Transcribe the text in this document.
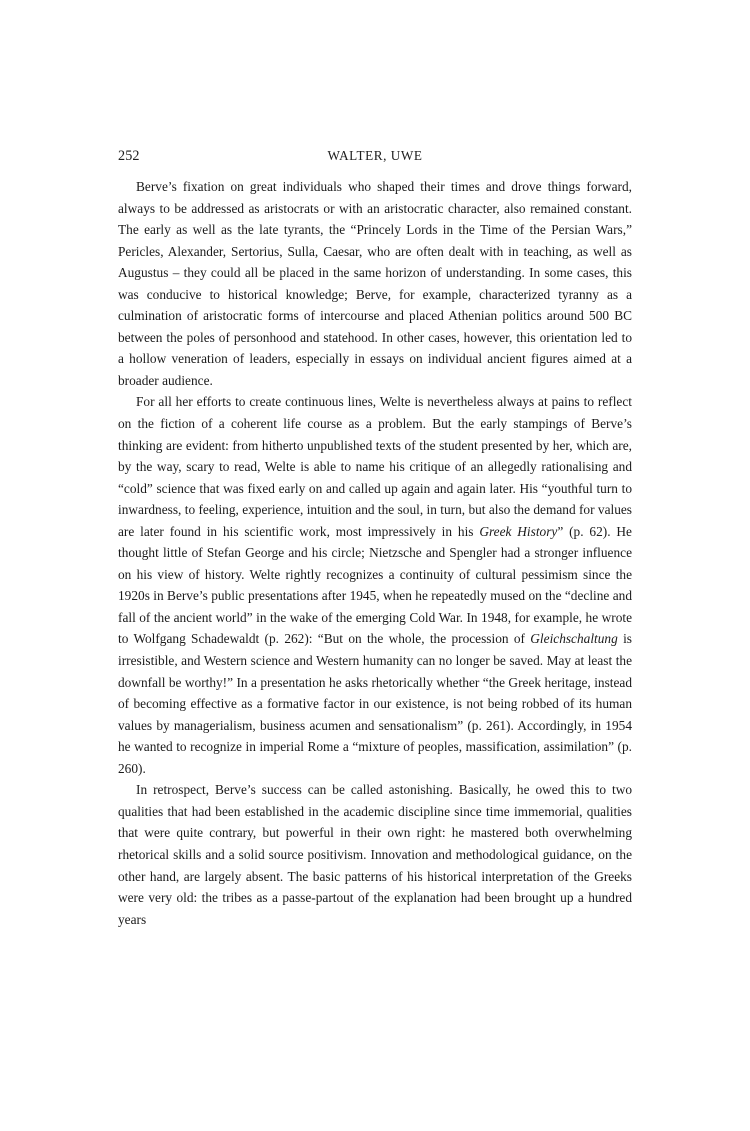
252	WALTER, UWE

Berve’s fixation on great individuals who shaped their times and drove things forward, always to be addressed as aristocrats or with an aristocratic character, also remained constant. The early as well as the late tyrants, the “Princely Lords in the Time of the Persian Wars,” Pericles, Alexander, Sertorius, Sulla, Caesar, who are often dealt with in teaching, as well as Augustus – they could all be placed in the same horizon of understanding. In some cases, this was conducive to historical knowledge; Berve, for example, characterized tyranny as a culmination of aristocratic forms of intercourse and placed Athenian politics around 500 BC between the poles of personhood and statehood. In other cases, however, this orientation led to a hollow veneration of leaders, especially in essays on individual ancient figures aimed at a broader audience.

For all her efforts to create continuous lines, Welte is nevertheless always at pains to reflect on the fiction of a coherent life course as a problem. But the early stampings of Berve’s thinking are evident: from hitherto unpublished texts of the student presented by her, which are, by the way, scary to read, Welte is able to name his critique of an allegedly rationalising and “cold” science that was fixed early on and called up again and again later. His “youthful turn to inwardness, to feeling, experience, intuition and the soul, in turn, but also the demand for values are later found in his scientific work, most impressively in his Greek History” (p. 62). He thought little of Stefan George and his circle; Nietzsche and Spengler had a stronger influence on his view of history. Welte rightly recognizes a continuity of cultural pessimism since the 1920s in Berve’s public presentations after 1945, when he repeatedly mused on the “decline and fall of the ancient world” in the wake of the emerging Cold War. In 1948, for example, he wrote to Wolfgang Schadewaldt (p. 262): “But on the whole, the procession of Gleichschaltung is irresistible, and Western science and Western humanity can no longer be saved. May at least the downfall be worthy!” In a presentation he asks rhetorically whether “the Greek heritage, instead of becoming effective as a formative factor in our existence, is not being robbed of its human values by managerialism, business acumen and sensationalism” (p. 261). Accordingly, in 1954 he wanted to recognize in imperial Rome a “mixture of peoples, massification, assimilation” (p. 260).

In retrospect, Berve’s success can be called astonishing. Basically, he owed this to two qualities that had been established in the academic discipline since time immemorial, qualities that were quite contrary, but powerful in their own right: he mastered both overwhelming rhetorical skills and a solid source positivism. Innovation and methodological guidance, on the other hand, are largely absent. The basic patterns of his historical interpretation of the Greeks were very old: the tribes as a passe-partout of the explanation had been brought up a hundred years
